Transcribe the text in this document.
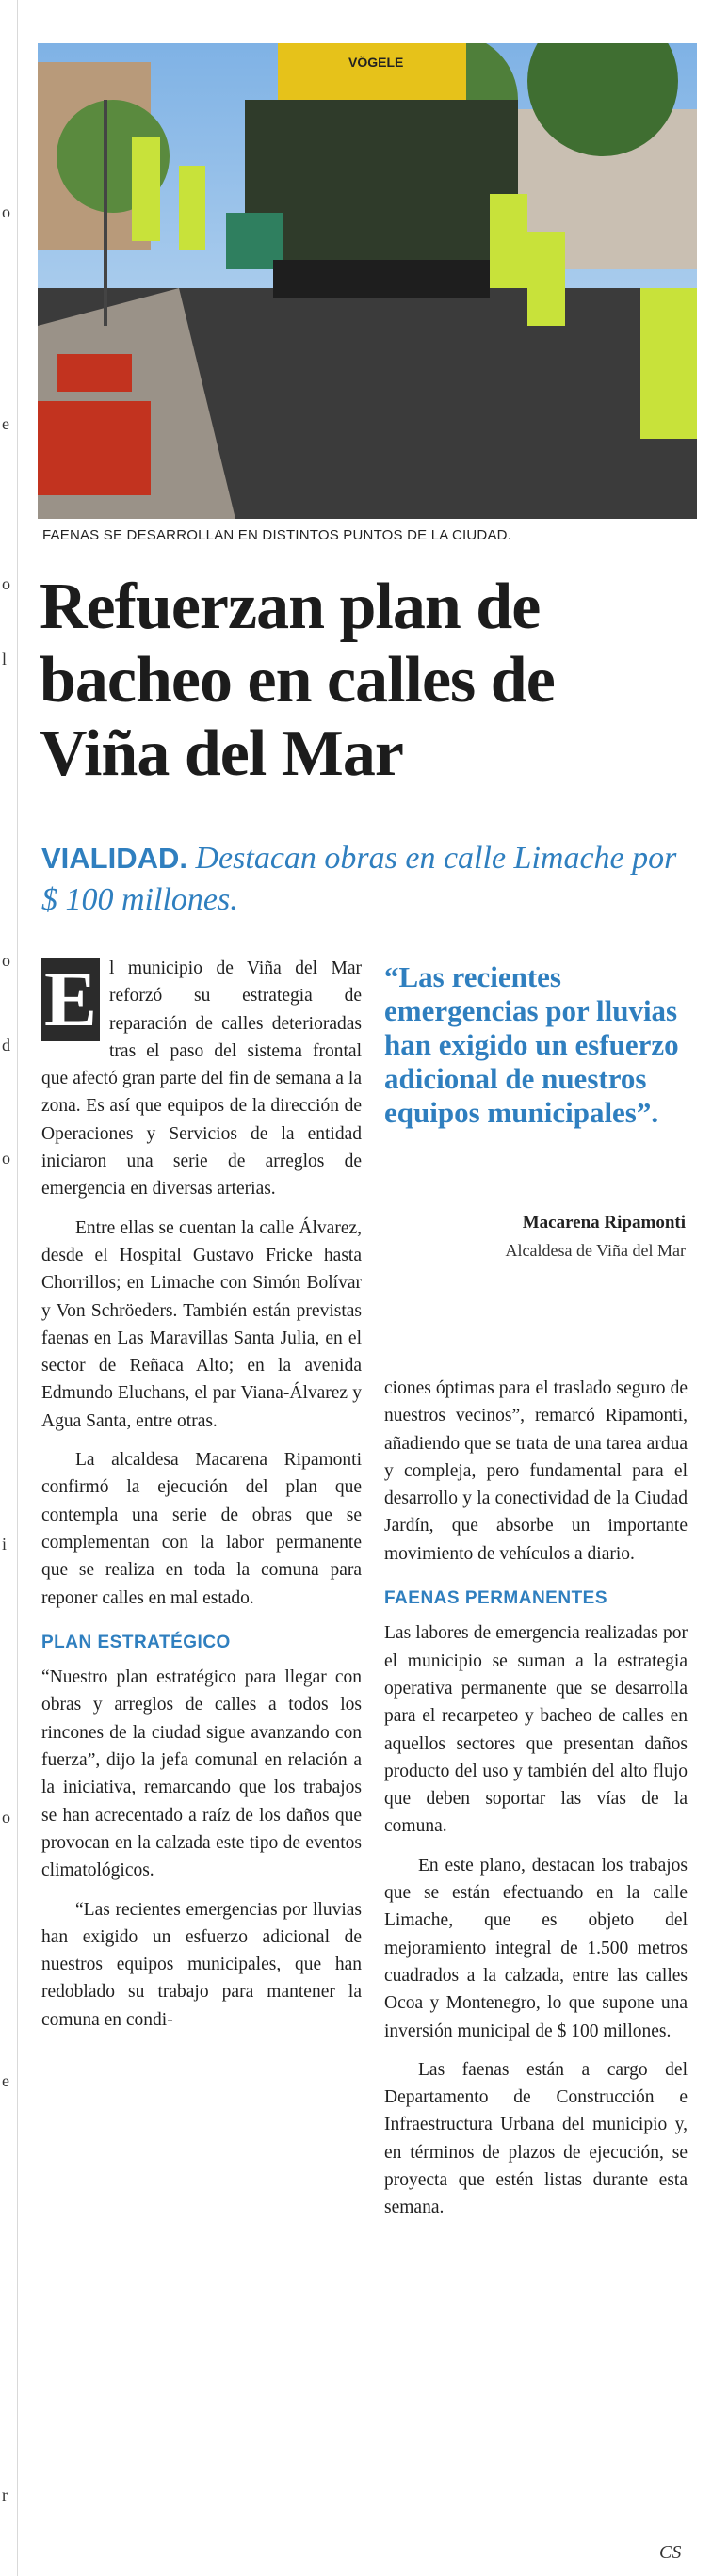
o
e
o
l
o
d
o
i
o
e
r
VÖGELE
FAENAS SE DESARROLLAN EN DISTINTOS PUNTOS DE LA CIUDAD.
Refuerzan plan de bacheo en calles de Viña del Mar
VIALIDAD. Destacan obras en calle Limache por $ 100 millones.

E l municipio de Viña del Mar reforzó su estrategia de reparación de calles deterioradas tras el paso del sistema frontal que afectó gran parte del fin de semana a la zona. Es así que equipos de la dirección de Operaciones y Servicios de la entidad iniciaron una serie de arreglos de emergencia en diversas arterias.

Entre ellas se cuentan la calle Álvarez, desde el Hospital Gustavo Fricke hasta Chorrillos; en Limache con Simón Bolívar y Von Schröeders. También están previstas faenas en Las Maravillas Santa Julia, en el sector de Reñaca Alto; en la avenida Edmundo Eluchans, el par Viana-Álvarez y Agua Santa, entre otras.

La alcaldesa Macarena Ripamonti confirmó la ejecución del plan que contempla una serie de obras que se complementan con la labor permanente que se realiza en toda la comuna para reponer calles en mal estado.

PLAN ESTRATÉGICO

“Nuestro plan estratégico para llegar con obras y arreglos de calles a todos los rincones de la ciudad sigue avanzando con fuerza”, dijo la jefa comunal en relación a la iniciativa, remarcando que los trabajos se han acrecentado a raíz de los daños que provocan en la calzada este tipo de eventos climatológicos.

“Las recientes emergencias por lluvias han exigido un esfuerzo adicional de nuestros equipos municipales, que han redoblado su trabajo para mantener la comuna en condi-

“Las recientes emergencias por lluvias han exigido un esfuerzo adicional de nuestros equipos municipales”.
Macarena Ripamonti
Alcaldesa de Viña del Mar

ciones óptimas para el traslado seguro de nuestros vecinos”, remarcó Ripamonti, añadiendo que se trata de una tarea ardua y compleja, pero fundamental para el desarrollo y la conectividad de la Ciudad Jardín, que absorbe un importante movimiento de vehículos a diario.

FAENAS PERMANENTES

Las labores de emergencia realizadas por el municipio se suman a la estrategia operativa permanente que se desarrolla para el recarpeteo y bacheo de calles en aquellos sectores que presentan daños producto del uso y también del alto flujo que deben soportar las vías de la comuna.

En este plano, destacan los trabajos que se están efectuando en la calle Limache, que es objeto del mejoramiento integral de 1.500 metros cuadrados a la calzada, entre las calles Ocoa y Montenegro, lo que supone una inversión municipal de $ 100 millones.

Las faenas están a cargo del Departamento de Construcción e Infraestructura Urbana del municipio y, en términos de plazos de ejecución, se proyecta que estén listas durante esta semana.

CS
